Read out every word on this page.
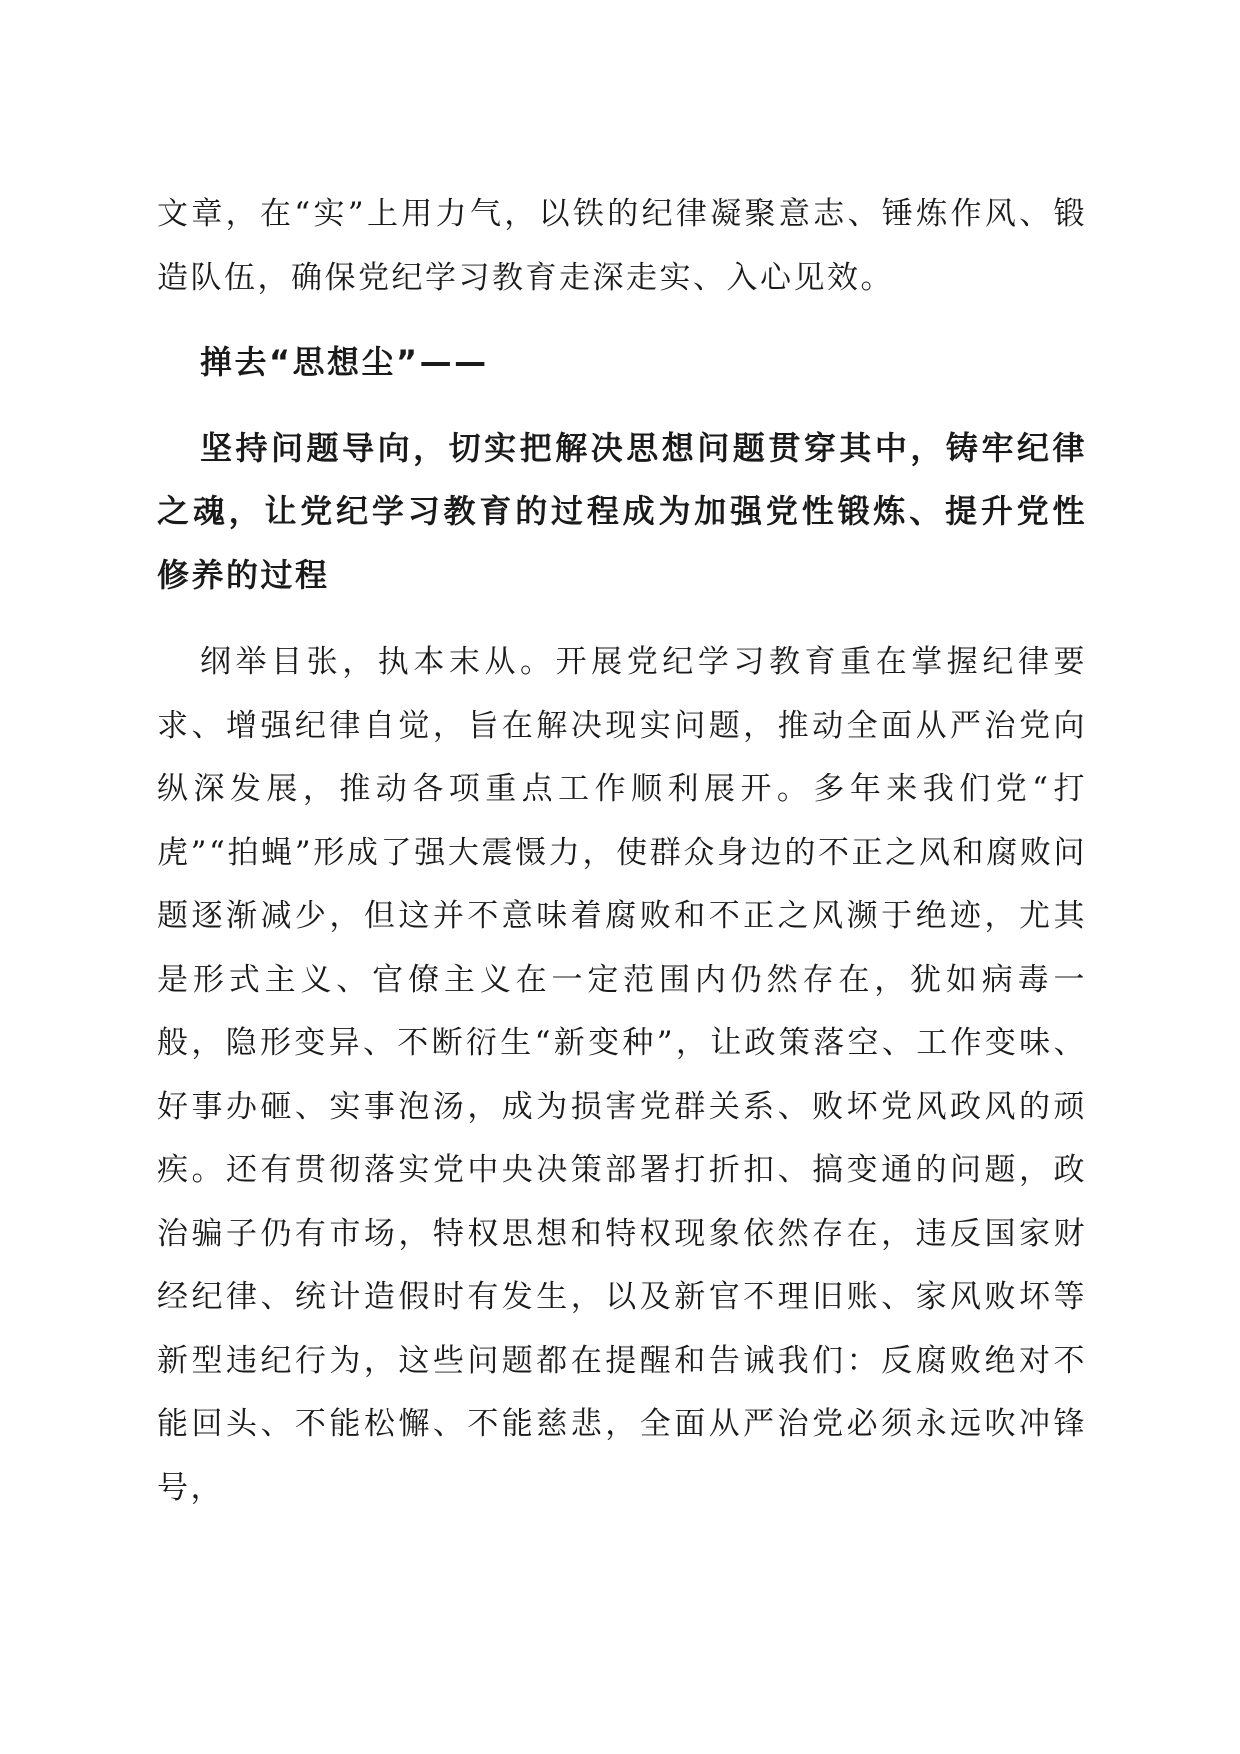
文章，在“实”上用力气，以铁的纪律凝聚意志、锤炼作风、锻造队伍，确保党纪学习教育走深走实、入心见效。

掸去“思想尘”——

坚持问题导向，切实把解决思想问题贯穿其中，铸牢纪律之魂，让党纪学习教育的过程成为加强党性锻炼、提升党性修养的过程

纲举目张，执本末从。开展党纪学习教育重在掌握纪律要求、增强纪律自觉，旨在解决现实问题，推动全面从严治党向纵深发展，推动各项重点工作顺利展开。多年来我们党“打虎”“拍蝇”形成了强大震慑力，使群众身边的不正之风和腐败问题逐渐减少，但这并不意味着腐败和不正之风濒于绝迹，尤其是形式主义、官僚主义在一定范围内仍然存在，犹如病毒一般，隐形变异、不断衍生“新变种”，让政策落空、工作变味、好事办砸、实事泡汤，成为损害党群关系、败坏党风政风的顽疾。还有贯彻落实党中央决策部署打折扣、搞变通的问题，政治骗子仍有市场，特权思想和特权现象依然存在，违反国家财经纪律、统计造假时有发生，以及新官不理旧账、家风败坏等新型违纪行为，这些问题都在提醒和告诫我们：反腐败绝对不能回头、不能松懈、不能慈悲，全面从严治党必须永远吹冲锋号，
